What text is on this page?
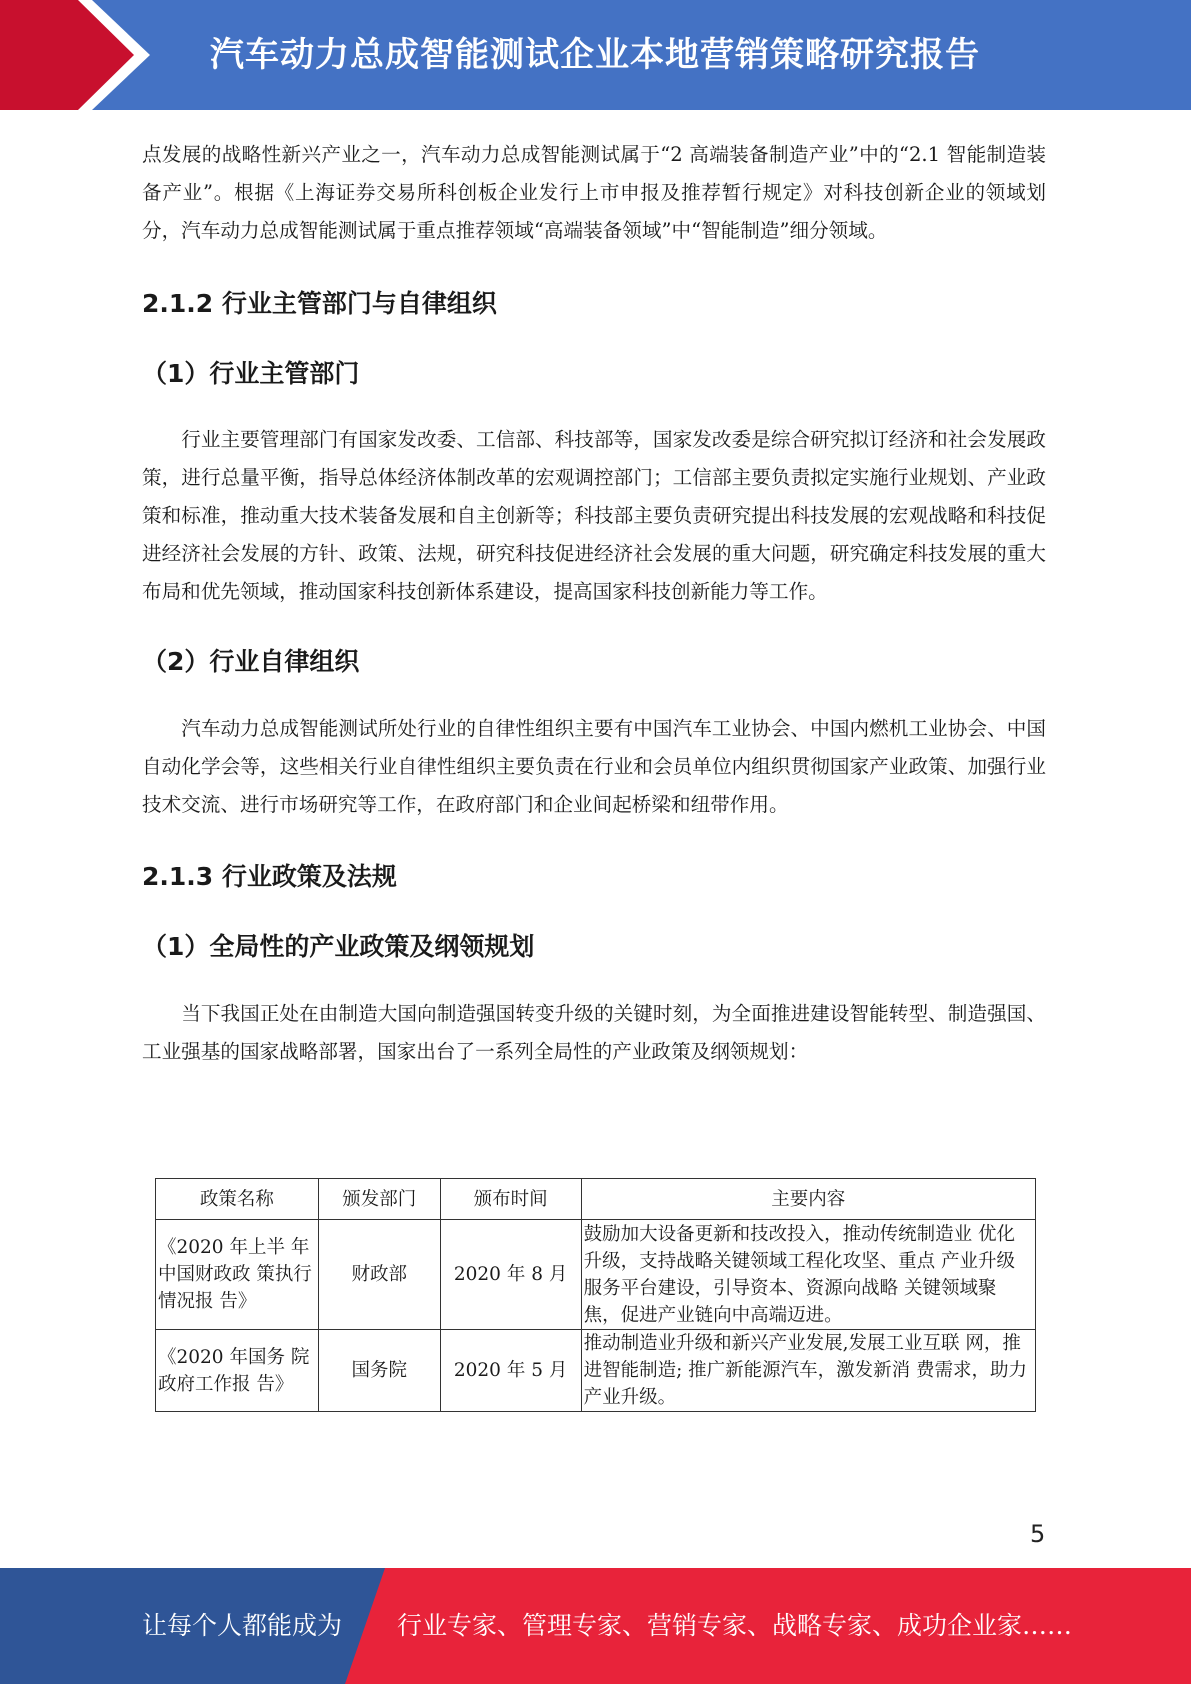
汽车动力总成智能测试企业本地营销策略研究报告

点发展的战略性新兴产业之一，汽车动力总成智能测试属于“2 高端装备制造产业”中的“2.1 智能制造装备产业”。根据《上海证券交易所科创板企业发行上市申报及推荐暂行规定》对科技创新企业的领域划分，汽车动力总成智能测试属于重点推荐领域“高端装备领域”中“智能制造”细分领域。

2.1.2 行业主管部门与自律组织
（1）行业主管部门

行业主要管理部门有国家发改委、工信部、科技部等，国家发改委是综合研究拟订经济和社会发展政策，进行总量平衡，指导总体经济体制改革的宏观调控部门；工信部主要负责拟定实施行业规划、产业政策和标准，推动重大技术装备发展和自主创新等；科技部主要负责研究提出科技发展的宏观战略和科技促进经济社会发展的方针、政策、法规，研究科技促进经济社会发展的重大问题，研究确定科技发展的重大布局和优先领域，推动国家科技创新体系建设，提高国家科技创新能力等工作。

（2）行业自律组织

汽车动力总成智能测试所处行业的自律性组织主要有中国汽车工业协会、中国内燃机工业协会、中国自动化学会等，这些相关行业自律性组织主要负责在行业和会员单位内组织贯彻国家产业政策、加强行业技术交流、进行市场研究等工作，在政府部门和企业间起桥梁和纽带作用。

2.1.3 行业政策及法规
（1）全局性的产业政策及纲领规划

当下我国正处在由制造大国向制造强国转变升级的关键时刻，为全面推进建设智能转型、制造强国、工业强基的国家战略部署，国家出台了一系列全局性的产业政策及纲领规划：

政策名称	颁发部门	颁布时间	主要内容
《2020 年上半 年中国财政政 策执行情况报 告》	财政部	2020 年 8 月	鼓励加大设备更新和技改投入，推动传统制造业 优化升级，支持战略关键领域工程化攻坚、重点 产业升级服务平台建设，引导资本、资源向战略 关键领域聚焦，促进产业链向中高端迈进。
《2020 年国务 院政府工作报 告》	国务院	2020 年 5 月	推动制造业升级和新兴产业发展,发展工业互联 网，推进智能制造; 推广新能源汽车，激发新消 费需求，助力产业升级。
5

让每个人都能成为 行业专家、管理专家、营销专家、战略专家、成功企业家……
